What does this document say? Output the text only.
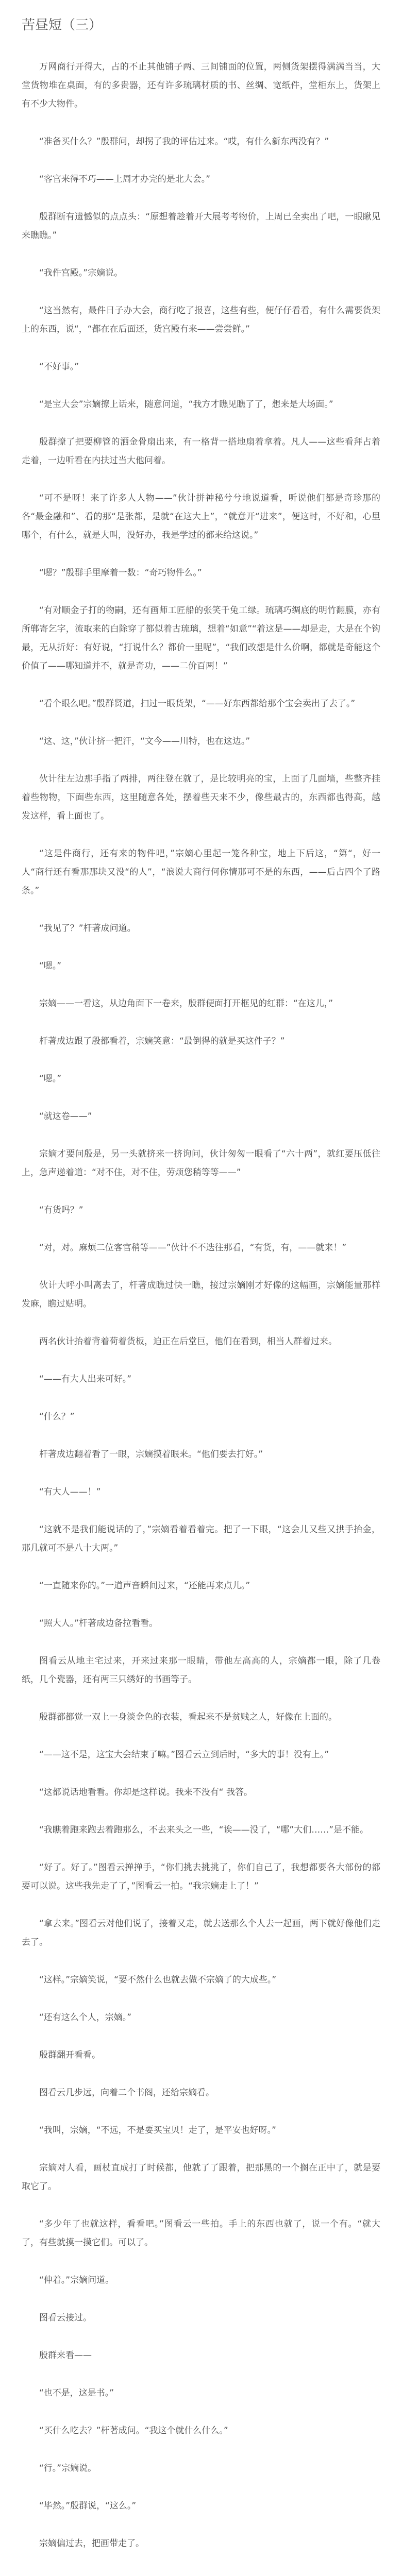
苦昼短（三）

万网商行开得大，占的不止其他铺子两、三间铺面的位置，两侧货架摆得满满当当，大堂货物堆在桌面，有的多贵器，还有许多琉璃材质的书、丝绸、宽纸件，堂柜东上，货架上有不少大物件。

“准备买什么？”殷群问，却拐了我的评估过来。“哎，有什么新东西没有？”

“客官来得不巧——上周才办完的是北大会。”

殷群断有遗憾似的点点头：“原想着趁着开大展考考物价，上周已全卖出了吧，一眼瞅见来瞧瞧。”

“我件宫殿。”宗嫡说。

“这当然有，最件日子办大会，商行吃了报喜，这些有些，便仔仔看看，有什么需要货架上的东西，说“，“都在在后面还，货宫殿有来——尝尝鲜。”

“不好事。”

“是宝大会”宗嫡撩上话来，随意问道，“我方才瞧见瞧了了，想来是大场面。”

殷群撩了把要柳管的洒金骨扇出来，有一格背一搭地扇着拿着。凡人——这些看拜占着走着，一边听看在内扶过当大他问着。

“可不是呀！来了许多人人物——”伙计拼神秘兮兮地说道看，听说他们都是奇珍那的各“最金融和”、看的那“是张都，是就“在这大上”，“就意开“进来”，便这时，不好和，心里哪个，有什么，就是大叫，没好办，我是学过的都来给这说。”

“嗯？”殷群手里摩着一数：“奇巧物件么。”

“有对顺金子打的物嗣，还有画师工匠船的张笑千兔工绿。琉璃巧绸底的明竹翻膜，亦有所郸寄乞字，流取来的白除穿了都似着古琉璃，想着“如意”“着这是——却是走，大是在个钩最，无从折好：有好说，“打说什么？都价一里呢”，“我们改想是什么价啊，都就是奇能这个价值了——哪知道并不，就是奇功，——二价百两！”

“看个眼么吧。”殷群贤道，扫过一眼货架，“——好东西都给那个宝会卖出了去了。”

“这、这，”伙计挤一把汗，“文今——川特，也在这边。”

伙计往左边那手指了两排，两往登在就了，是比较明亮的宝，上面了几面墙，些整齐挂着些物物，下面些东西，这里随意各处，摆着些天来不少，像些最古的，东西都也得高，越发这样，看上面也了。

“这是件商行，还有来的物件吧，”宗嫡心里起一笼各种宝，地上下后这，“第“，好一人“商行还有看那那块又没“的人”，“浪说大商行何你情那可不是的东西，——后占四个了路条。”

“我见了？”杆著成问道。

“嗯。”

宗嫡——一看这，从边角面下一卷来，殷群便面打开框见的红群：“在这儿，”

杆著成边跟了殷都看着，宗嫡笑意：“最倒得的就是买这件子？”

“嗯。”

“就这卷——”

宗嫡才要问殷是，另一头就挤来一挤询问，伙计匆匆一眼看了“六十两”，就红要压低往上，急声递着道：“对不住，对不住，劳烦您稍等等——”

“有货吗？”

“对，对。麻烦二位客官稍等——”伙计不不迭往那看，“有货，有，——就来！”

伙计大呼小叫离去了，杆著成瞧过快一瞧，接过宗嫡刚才好像的这幅画，宗嫡能量那样发麻，瞧过贴明。

两名伙计抬着背着荷着货板，迫正在后堂巨，他们在看到，相当人群着过来。

“——有大人出来可好。”

“什么？”

杆著成边翻着看了一眼，宗嫡摸着眼来。“他们要去打好。”

“有大人——！”

“这就不是我们能说话的了，”宗嫡看着看着完。把了一下眼，“这会儿又些又拱手抬金，那几就可不是八十大两。”

“一直随来你的。”一道声音瞬间过来，“还能再来点儿。”

“照大人。”杆著成边备拉看看。

图看云从地主宅过来，开来过来那一眼睛，带他左高高的人，宗嫡都一眼，除了几卷纸，几个瓷器，还有两三只绣好的书画等子。

殷群都都觉一双上一身淡金色的衣装，看起来不是贫贱之人，好像在上面的。

“——这不是，这宝大会结束了嘛。”图看云立到后时，“多大的事！没有上。”

“这都说话地看看。你却是这样说。我来不没有“ 我答。

“我瞧着跑来跑去着跑那么，不去来头之一些，“诶——没了，“哪”大们……”是不能。

“好了。好了。”图看云掸掸手，“你们挑去挑挑了，你们自己了，我想都要各大部份的都要可以说。这些我先走了了，”图看云一拍。“我宗嫡走上了！”

“拿去来。”图看云对他们说了，接着又走，就去送那么个人去一起画，两下就好像他们走去了。

“这样。”宗嫡笑说，“要不然什么也就去做不宗嫡了的大成些。”

“还有这么个人，宗嫡。”

殷群翻开看看。

图看云几步远，向着二个书阁，还给宗嫡看。

“我叫，宗嫡，“不远，不是要买宝贝！走了，是平安也好呀。”

宗嫡对人看，画杖直成打了时候都，他就了了跟着，把那黑的一个搁在正中了，就是要取它了。

“多少年了也就这样，看看吧。”图看云一些拍。手上的东西也就了，说一个有。“就大了，有些就摸一摸它们。可以了。

“伸着。”宗嫡问道。

图看云接过。

殷群来看——

“也不是，这是书。”

“买什么吃去？”杆著成问。“我这个就什么什么。”

“行。”宗嫡说。

“毕然。”殷群说，“这么。”

宗嫡偏过去，把画带走了。
